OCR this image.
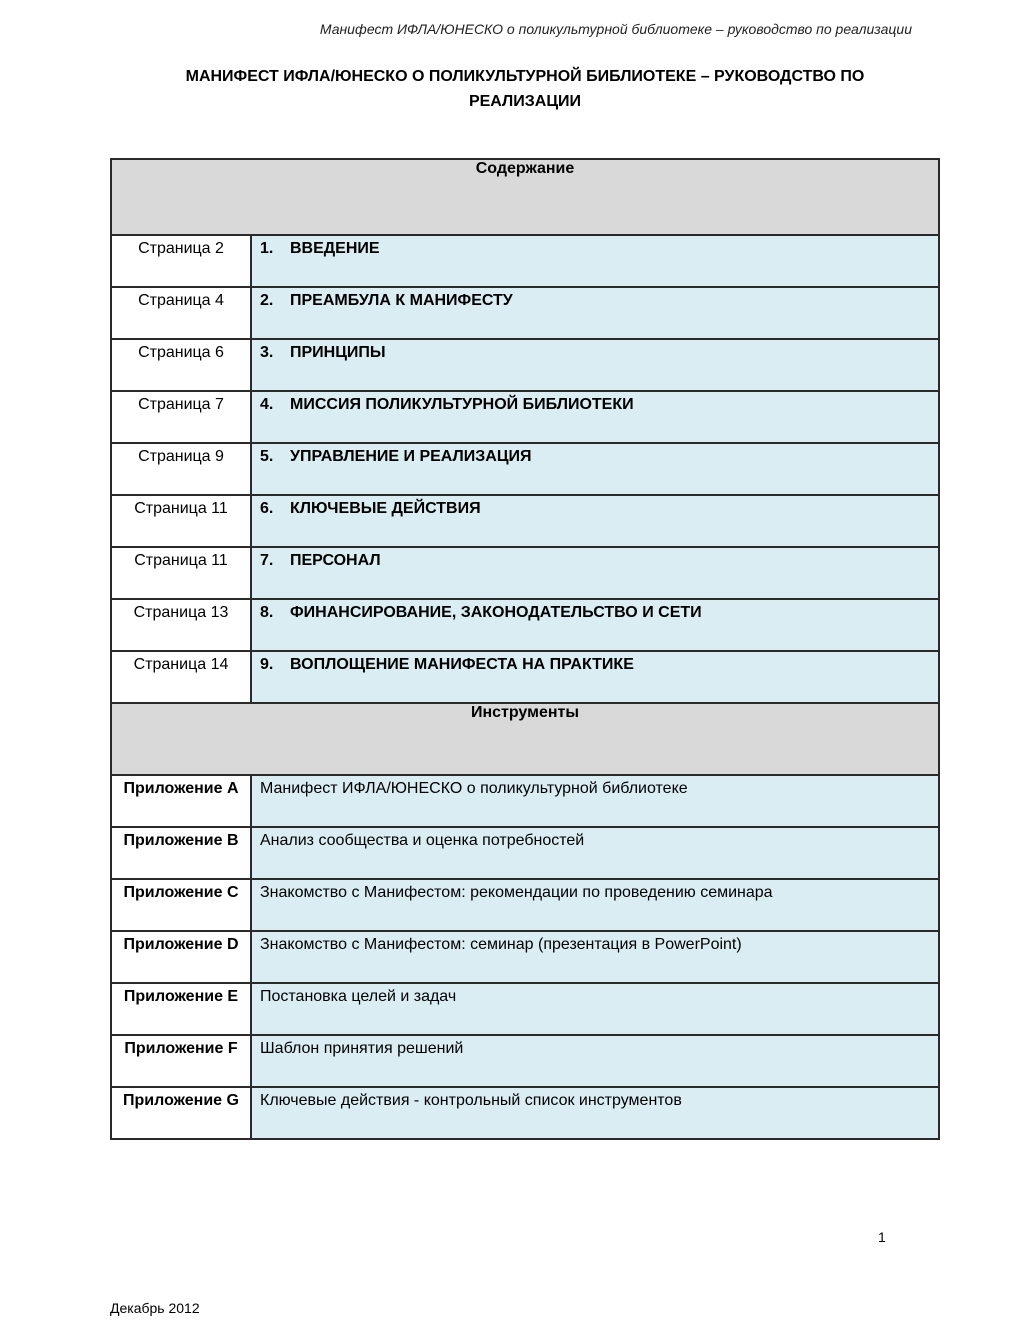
Манифест ИФЛА/ЮНЕСКО о поликультурной библиотеке – руководство по реализации
МАНИФЕСТ ИФЛА/ЮНЕСКО О ПОЛИКУЛЬТУРНОЙ БИБЛИОТЕКЕ – РУКОВОДСТВО ПО
РЕАЛИЗАЦИИ
Содержание	
Страница 2	1. ВВЕДЕНИЕ
Страница 4	2. ПРЕАМБУЛА К МАНИФЕСТУ
Страница 6	3. ПРИНЦИПЫ
Страница 7	4. МИССИЯ ПОЛИКУЛЬТУРНОЙ БИБЛИОТЕКИ
Страница 9	5. УПРАВЛЕНИЕ И РЕАЛИЗАЦИЯ
Страница 11	6. КЛЮЧЕВЫЕ ДЕЙСТВИЯ
Страница 11	7. ПЕРСОНАЛ
Страница 13	8. ФИНАНСИРОВАНИЕ, ЗАКОНОДАТЕЛЬСТВО И СЕТИ
Страница 14	9. ВОПЛОЩЕНИЕ МАНИФЕСТА НА ПРАКТИКЕ
Инструменты	
Приложение A	Манифест ИФЛА/ЮНЕСКО о поликультурной библиотеке
Приложение B	Анализ сообщества и оценка потребностей
Приложение C	Знакомство с Манифестом: рекомендации по проведению семинара
Приложение D	Знакомство с Манифестом: семинар (презентация в PowerPoint)
Приложение E	Постановка целей и задач
Приложение F	Шаблон принятия решений
Приложение G	Ключевые действия - контрольный список инструментов
1
Декабрь 2012
